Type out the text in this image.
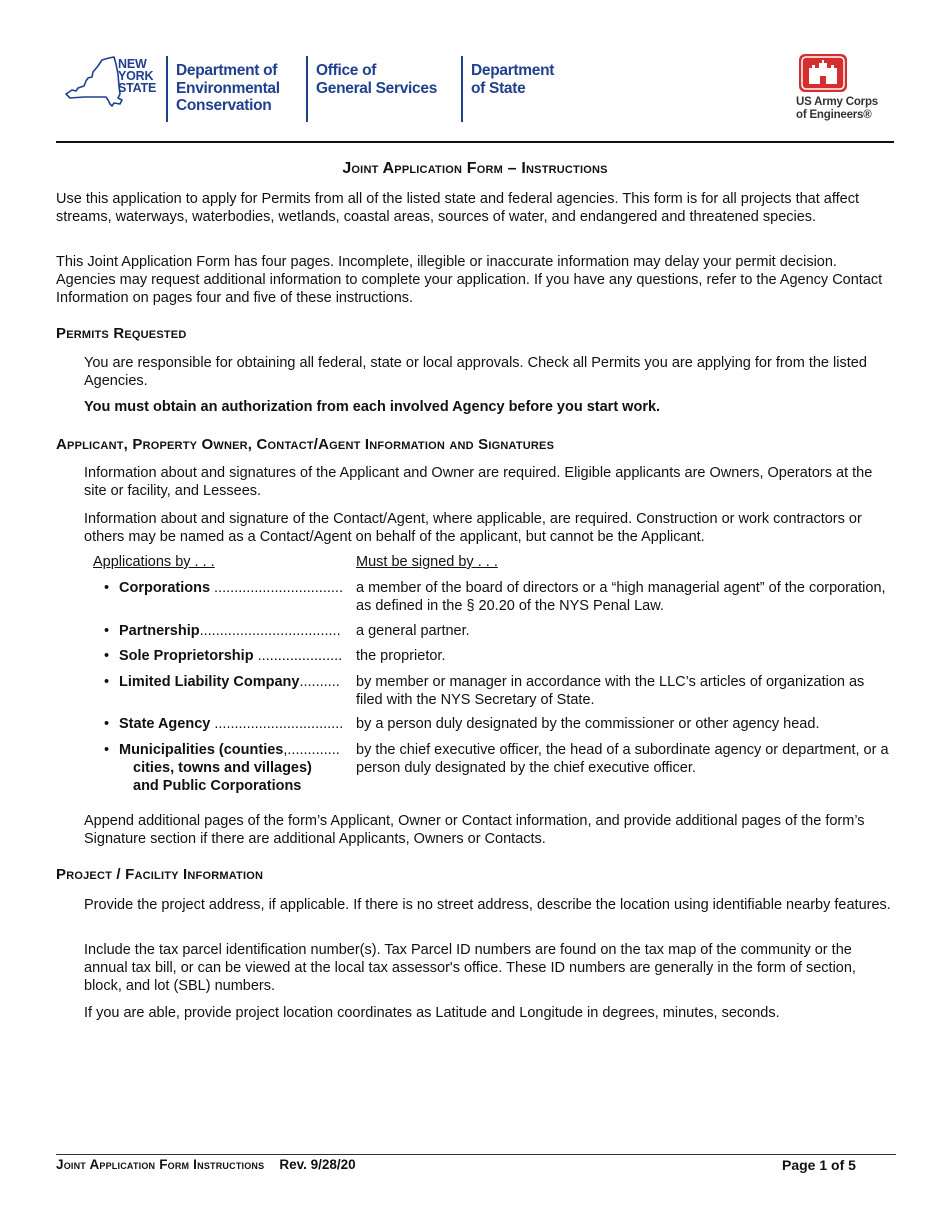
NEW
YORK
STATE
Department of
Environmental
Conservation
Office of
General Services
Department
of State
US Army Corps
of Engineers®
Joint Application Form – Instructions

Use this application to apply for Permits from all of the listed state and federal agencies. This form is for all projects that affect streams, waterways, waterbodies, wetlands, coastal areas, sources of water, and endangered and threatened species.

This Joint Application Form has four pages. Incomplete, illegible or inaccurate information may delay your permit decision. Agencies may request additional information to complete your application. If you have any questions, refer to the Agency Contact Information on pages four and five of these instructions.

Permits Requested

You are responsible for obtaining all federal, state or local approvals. Check all Permits you are applying for from the listed Agencies.

You must obtain an authorization from each involved Agency before you start work.

Applicant, Property Owner, Contact/Agent Information and Signatures

Information about and signatures of the Applicant and Owner are required. Eligible applicants are Owners, Operators at the site or facility, and Lessees.

Information about and signature of the Contact/Agent, where applicable, are required. Construction or work contractors or others may be named as a Contact/Agent on behalf of the applicant, but cannot be the Applicant.

Applications by . . .	Must be signed by . . .
• Corporations ................................ a member of the board of directors or a “high managerial agent” of the corporation, as defined in the § 20.20 of the NYS Penal Law.
• Partnership...................................	a general partner.
• Sole Proprietorship ..................... the proprietor.
• Limited Liability Company..........	by member or manager in accordance with the LLC’s articles of organization as filed with the NYS Secretary of State.
• State Agency ................................ by a person duly designated by the commissioner or other agency head.
• Municipalities (counties,.............	by the chief executive officer, the head of a subordinate agency or department, or a person duly designated by the chief executive officer.
cities, towns and villages)
and Public Corporations

Append additional pages of the form’s Applicant, Owner or Contact information, and provide additional pages of the form’s Signature section if there are additional Applicants, Owners or Contacts.

Project / Facility Information

Provide the project address, if applicable. If there is no street address, describe the location using identifiable nearby features.

Include the tax parcel identification number(s). Tax Parcel ID numbers are found on the tax map of the community or the annual tax bill, or can be viewed at the local tax assessor's office. These ID numbers are generally in the form of section, block, and lot (SBL) numbers.

If you are able, provide project location coordinates as Latitude and Longitude in degrees, minutes, seconds.

Joint Application Form Instructions Rev. 9/28/20	Page 1 of 5
